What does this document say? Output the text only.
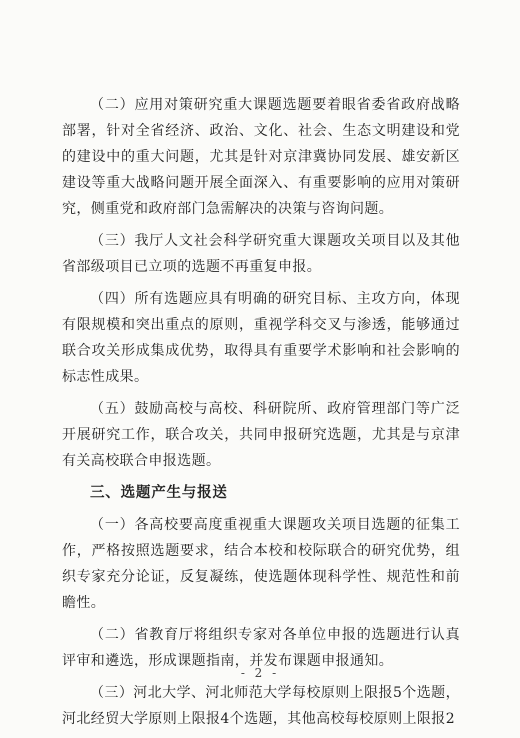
（二）应用对策研究重大课题选题要着眼省委省政府战略部署，针对全省经济、政治、文化、社会、生态文明建设和党的建设中的重大问题，尤其是针对京津冀协同发展、雄安新区建设等重大战略问题开展全面深入、有重要影响的应用对策研究，侧重党和政府部门急需解决的决策与咨询问题。

（三）我厅人文社会科学研究重大课题攻关项目以及其他省部级项目已立项的选题不再重复申报。

（四）所有选题应具有明确的研究目标、主攻方向，体现有限规模和突出重点的原则，重视学科交叉与渗透，能够通过联合攻关形成集成优势，取得具有重要学术影响和社会影响的标志性成果。

（五）鼓励高校与高校、科研院所、政府管理部门等广泛开展研究工作，联合攻关，共同申报研究选题，尤其是与京津有关高校联合申报选题。

三、选题产生与报送

（一）各高校要高度重视重大课题攻关项目选题的征集工作，严格按照选题要求，结合本校和校际联合的研究优势，组织专家充分论证，反复凝练，使选题体现科学性、规范性和前瞻性。

（二）省教育厅将组织专家对各单位申报的选题进行认真评审和遴选，形成课题指南，并发布课题申报通知。

（三）河北大学、河北师范大学每校原则上限报5个选题，河北经贸大学原则上限报4个选题，其他高校每校原则上限报2

- 2 -
